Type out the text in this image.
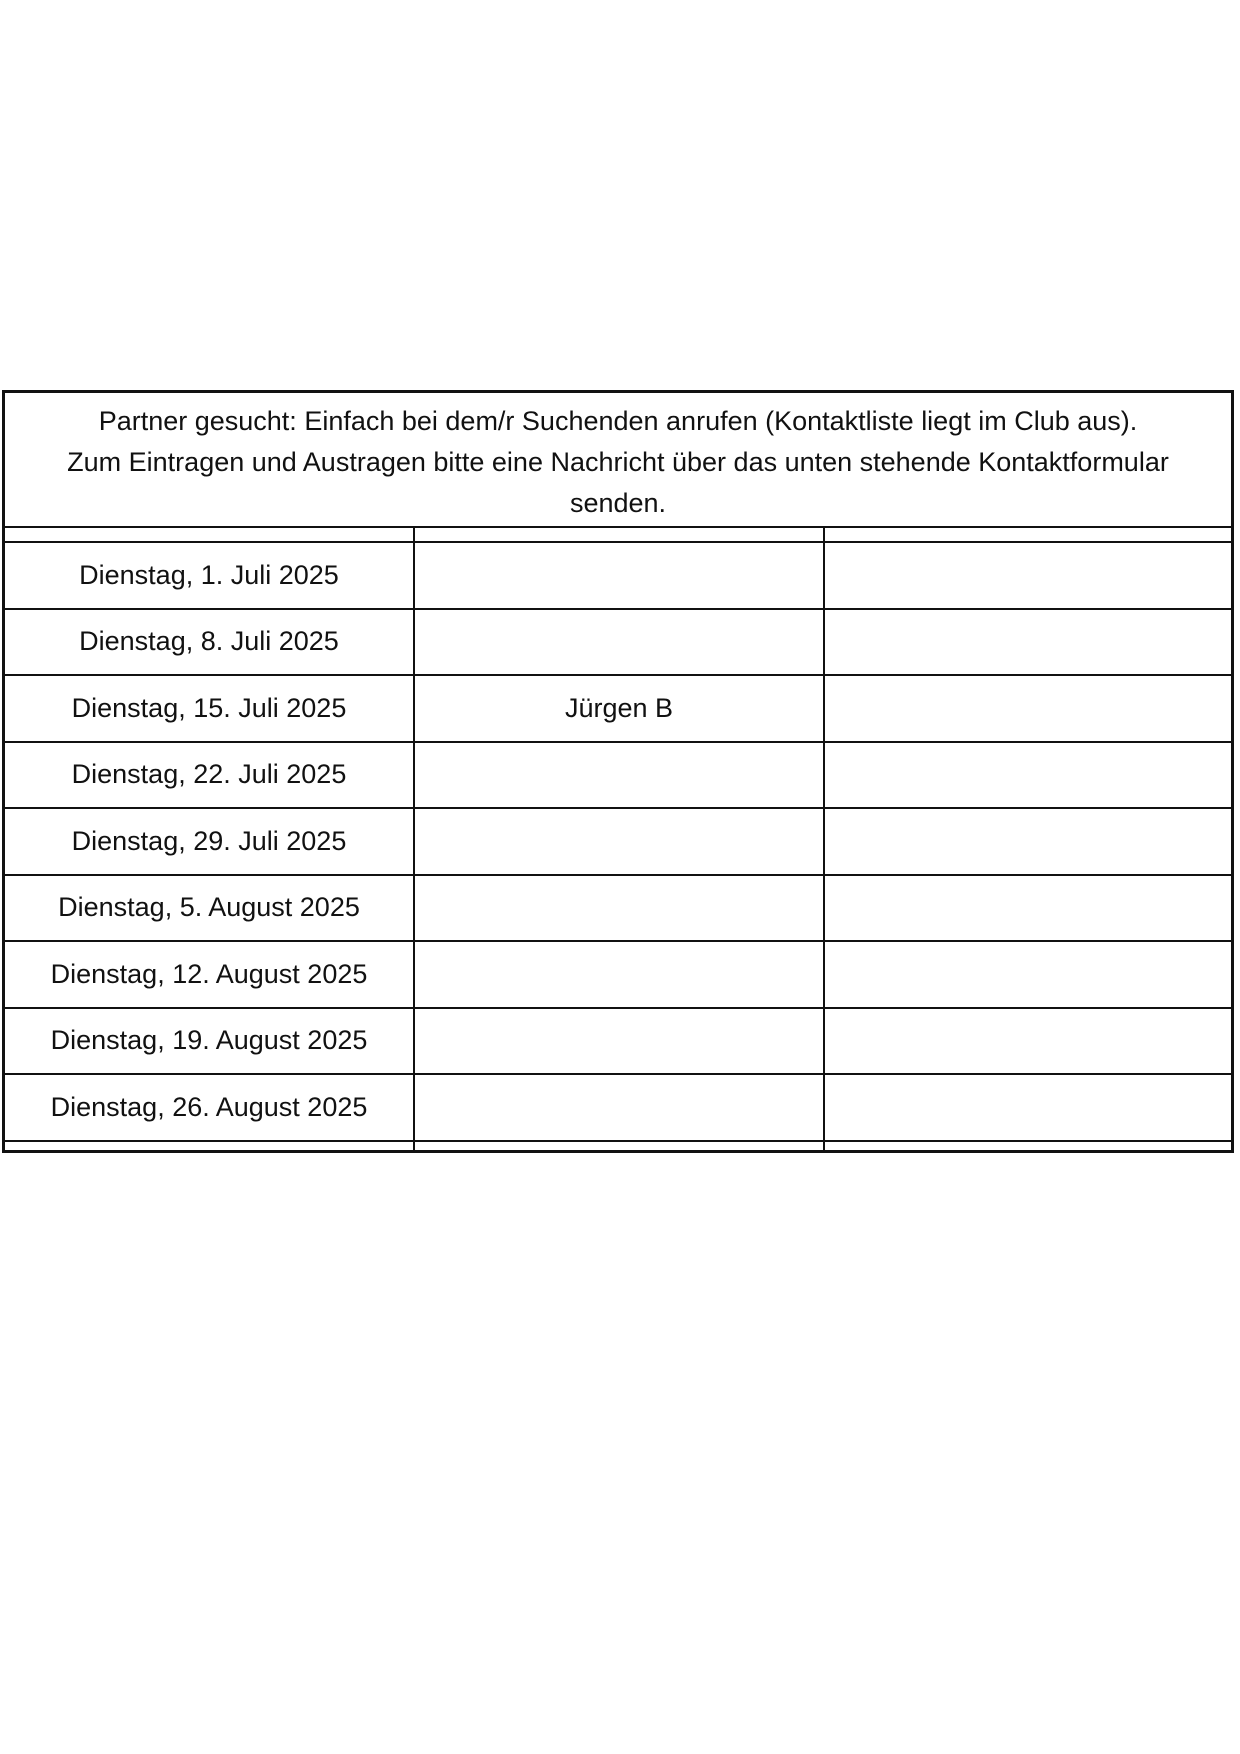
Partner gesucht: Einfach bei dem/r Suchenden anrufen (Kontaktliste liegt im Club aus).
Zum Eintragen und Austragen bitte eine Nachricht über das unten stehende Kontaktformular
senden.
Dienstag, 1. Juli 2025
Dienstag, 8. Juli 2025
Dienstag, 15. Juli 2025	Jürgen B
Dienstag, 22. Juli 2025
Dienstag, 29. Juli 2025
Dienstag, 5. August 2025
Dienstag, 12. August 2025
Dienstag, 19. August 2025
Dienstag, 26. August 2025
